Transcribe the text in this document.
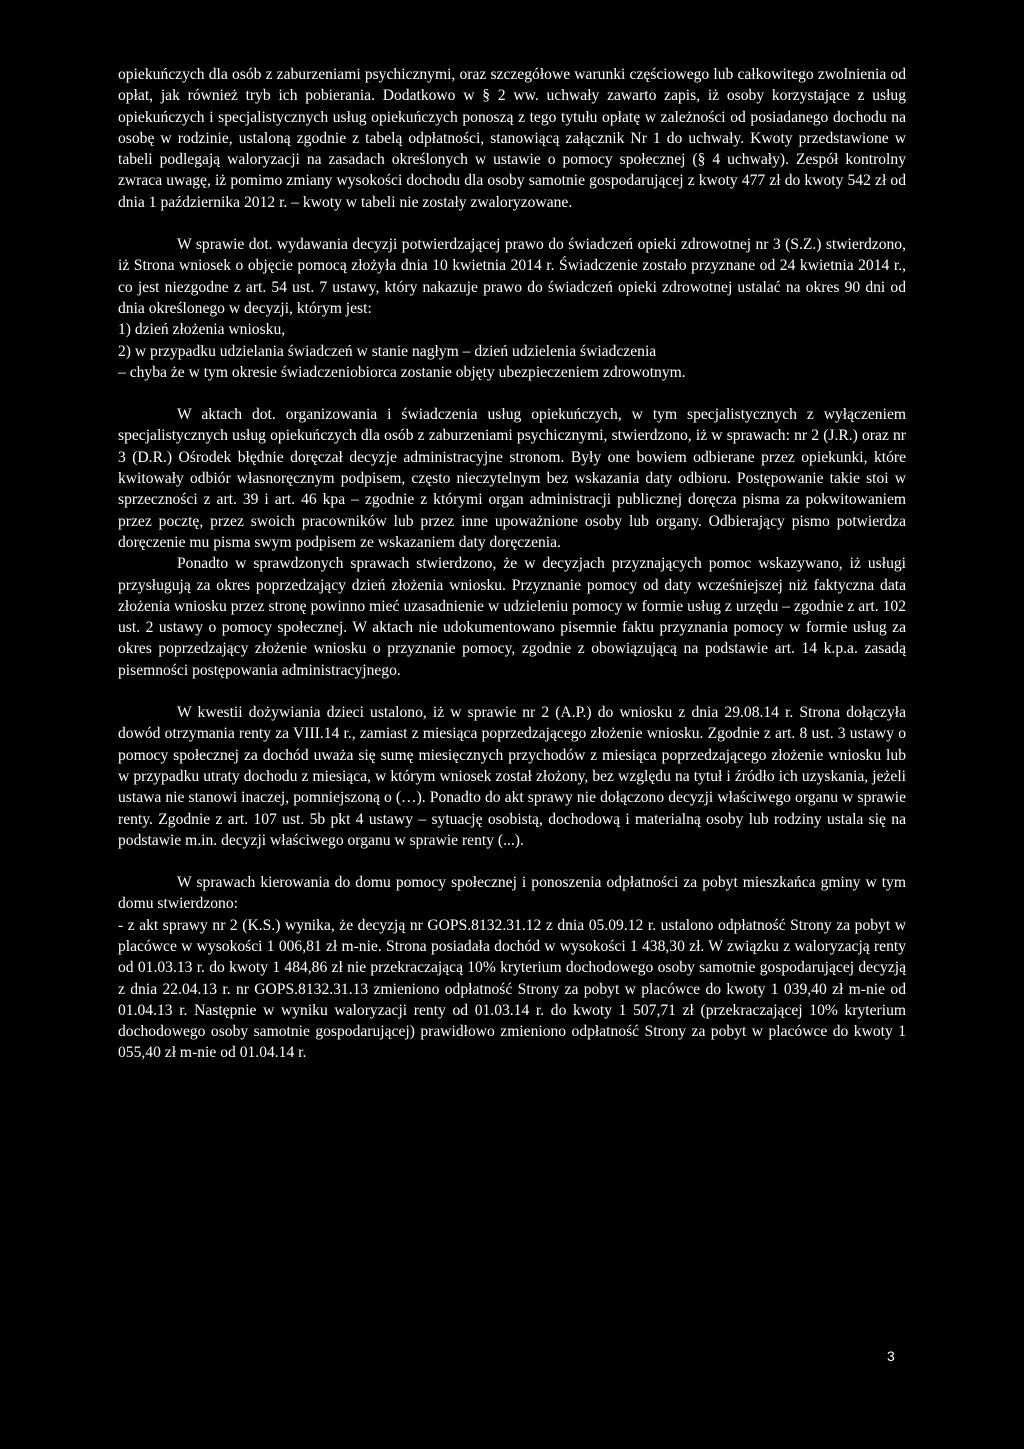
opiekuńczych dla osób z zaburzeniami psychicznymi, oraz szczegółowe warunki częściowego lub całkowitego zwolnienia od opłat, jak również tryb ich pobierania. Dodatkowo w § 2 ww. uchwały zawarto zapis, iż osoby korzystające z usług opiekuńczych i specjalistycznych usług opiekuńczych ponoszą z tego tytułu opłatę w zależności od posiadanego dochodu na osobę w rodzinie, ustaloną zgodnie z tabelą odpłatności, stanowiącą załącznik Nr 1 do uchwały. Kwoty przedstawione w tabeli podlegają waloryzacji na zasadach określonych w ustawie o pomocy społecznej (§ 4 uchwały). Zespół kontrolny zwraca uwagę, iż pomimo zmiany wysokości dochodu dla osoby samotnie gospodarującej z kwoty 477 zł do kwoty 542 zł od dnia 1 października 2012 r. – kwoty w tabeli nie zostały zwaloryzowane.

W sprawie dot. wydawania decyzji potwierdzającej prawo do świadczeń opieki zdrowotnej nr 3 (S.Z.) stwierdzono, iż Strona wniosek o objęcie pomocą złożyła dnia 10 kwietnia 2014 r. Świadczenie zostało przyznane od 24 kwietnia 2014 r., co jest niezgodne z art. 54 ust. 7 ustawy, który nakazuje prawo do świadczeń opieki zdrowotnej ustalać na okres 90 dni od dnia określonego w decyzji, którym jest:

1) dzień złożenia wniosku,

2) w przypadku udzielania świadczeń w stanie nagłym – dzień udzielenia świadczenia

– chyba że w tym okresie świadczeniobiorca zostanie objęty ubezpieczeniem zdrowotnym.

W aktach dot. organizowania i świadczenia usług opiekuńczych, w tym specjalistycznych z wyłączeniem specjalistycznych usług opiekuńczych dla osób z zaburzeniami psychicznymi, stwierdzono, iż w sprawach: nr 2 (J.R.) oraz nr 3 (D.R.) Ośrodek błędnie doręczał decyzje administracyjne stronom. Były one bowiem odbierane przez opiekunki, które kwitowały odbiór własnoręcznym podpisem, często nieczytelnym bez wskazania daty odbioru. Postępowanie takie stoi w sprzeczności z art. 39 i art. 46 kpa – zgodnie z którymi organ administracji publicznej doręcza pisma za pokwitowaniem przez pocztę, przez swoich pracowników lub przez inne upoważnione osoby lub organy. Odbierający pismo potwierdza doręczenie mu pisma swym podpisem ze wskazaniem daty doręczenia.

Ponadto w sprawdzonych sprawach stwierdzono, że w decyzjach przyznających pomoc wskazywano, iż usługi przysługują za okres poprzedzający dzień złożenia wniosku. Przyznanie pomocy od daty wcześniejszej niż faktyczna data złożenia wniosku przez stronę powinno mieć uzasadnienie w udzieleniu pomocy w formie usług z urzędu – zgodnie z art. 102 ust. 2 ustawy o pomocy społecznej. W aktach nie udokumentowano pisemnie faktu przyznania pomocy w formie usług za okres poprzedzający złożenie wniosku o przyznanie pomocy, zgodnie z obowiązującą na podstawie art. 14 k.p.a. zasadą pisemności postępowania administracyjnego.

W kwestii dożywiania dzieci ustalono, iż w sprawie nr 2 (A.P.) do wniosku z dnia 29.08.14 r. Strona dołączyła dowód otrzymania renty za VIII.14 r., zamiast z miesiąca poprzedzającego złożenie wniosku. Zgodnie z art. 8 ust. 3 ustawy o pomocy społecznej za dochód uważa się sumę miesięcznych przychodów z miesiąca poprzedzającego złożenie wniosku lub w przypadku utraty dochodu z miesiąca, w którym wniosek został złożony, bez względu na tytuł i źródło ich uzyskania, jeżeli ustawa nie stanowi inaczej, pomniejszoną o (…). Ponadto do akt sprawy nie dołączono decyzji właściwego organu w sprawie renty. Zgodnie z art. 107 ust. 5b pkt 4 ustawy – sytuację osobistą, dochodową i materialną osoby lub rodziny ustala się na podstawie m.in. decyzji właściwego organu w sprawie renty (...).

W sprawach kierowania do domu pomocy społecznej i ponoszenia odpłatności za pobyt mieszkańca gminy w tym domu stwierdzono:

- z akt sprawy nr 2 (K.S.) wynika, że decyzją nr GOPS.8132.31.12 z dnia 05.09.12 r. ustalono odpłatność Strony za pobyt w placówce w wysokości 1 006,81 zł m-nie. Strona posiadała dochód w wysokości 1 438,30 zł. W związku z waloryzacją renty od 01.03.13 r. do kwoty 1 484,86 zł nie przekraczającą 10% kryterium dochodowego osoby samotnie gospodarującej decyzją z dnia 22.04.13 r. nr GOPS.8132.31.13 zmieniono odpłatność Strony za pobyt w placówce do kwoty 1 039,40 zł m-nie od 01.04.13 r. Następnie w wyniku waloryzacji renty od 01.03.14 r. do kwoty 1 507,71 zł (przekraczającej 10% kryterium dochodowego osoby samotnie gospodarującej) prawidłowo zmieniono odpłatność Strony za pobyt w placówce do kwoty 1 055,40 zł m-nie od 01.04.14 r.

3
